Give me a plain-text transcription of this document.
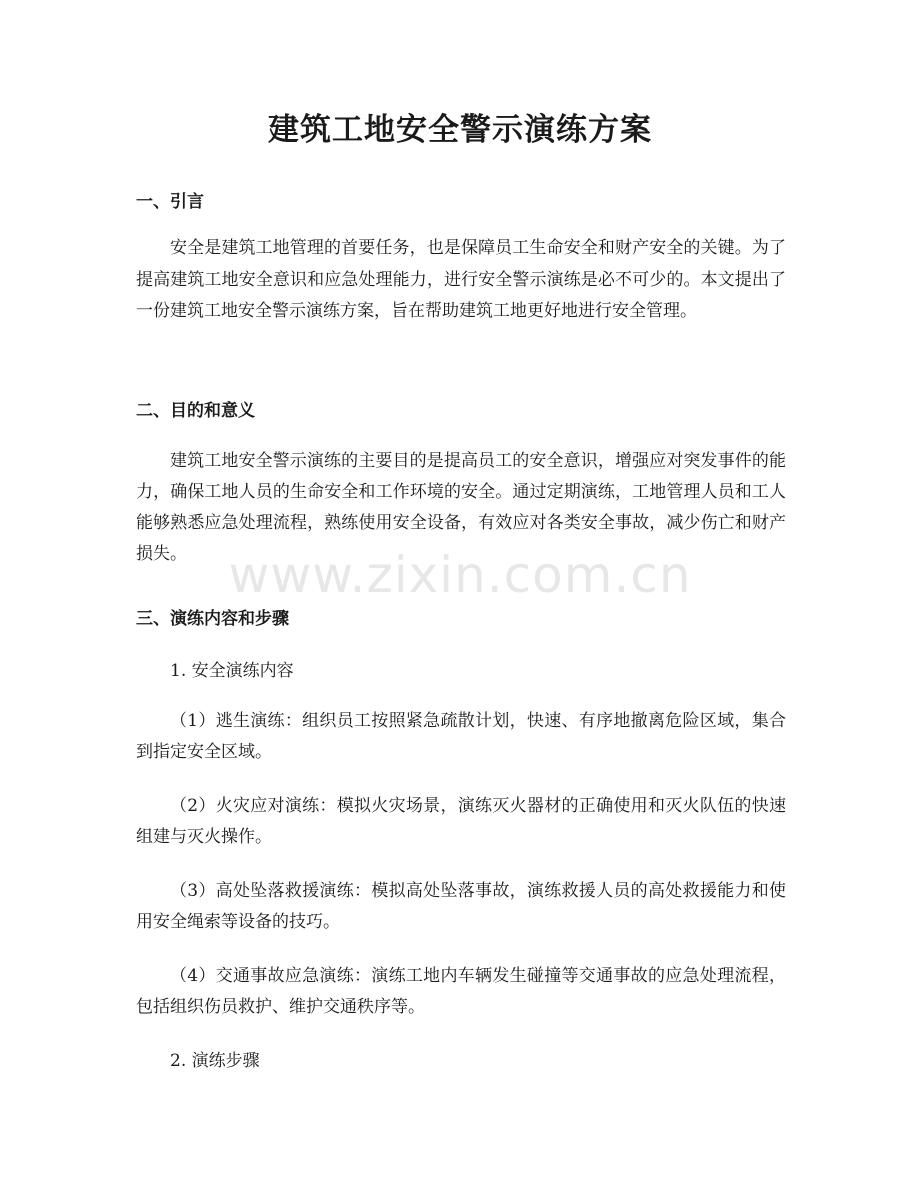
建筑工地安全警示演练方案
一、引言

安全是建筑工地管理的首要任务，也是保障员工生命安全和财产安全的关键。为了提高建筑工地安全意识和应急处理能力，进行安全警示演练是必不可少的。本文提出了一份建筑工地安全警示演练方案，旨在帮助建筑工地更好地进行安全管理。

二、目的和意义

建筑工地安全警示演练的主要目的是提高员工的安全意识，增强应对突发事件的能力，确保工地人员的生命安全和工作环境的安全。通过定期演练，工地管理人员和工人能够熟悉应急处理流程，熟练使用安全设备，有效应对各类安全事故，减少伤亡和财产损失。

三、演练内容和步骤

1. 安全演练内容

（1）逃生演练：组织员工按照紧急疏散计划，快速、有序地撤离危险区域，集合到指定安全区域。

（2）火灾应对演练：模拟火灾场景，演练灭火器材的正确使用和灭火队伍的快速组建与灭火操作。

（3）高处坠落救援演练：模拟高处坠落事故，演练救援人员的高处救援能力和使用安全绳索等设备的技巧。

（4）交通事故应急演练：演练工地内车辆发生碰撞等交通事故的应急处理流程，包括组织伤员救护、维护交通秩序等。

2. 演练步骤

www.zixin.com.cn
